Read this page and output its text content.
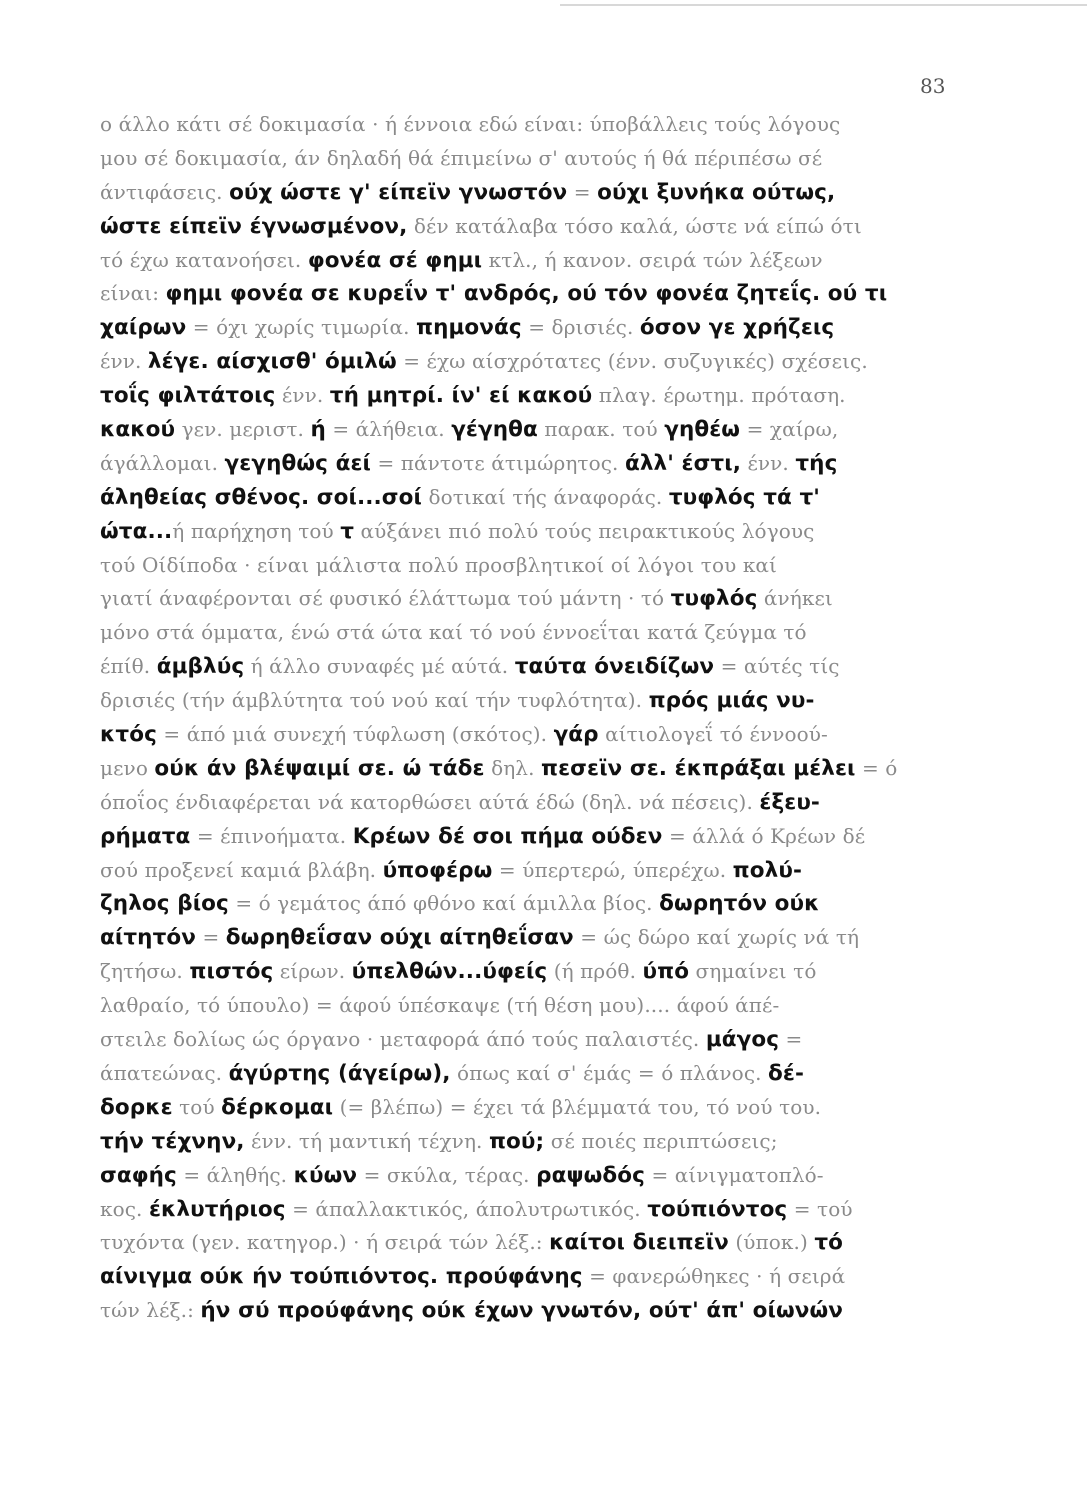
83
ο άλλο κάτι σέ δοκιμασία · ή έννοια εδώ είναι: ύποβάλλεις τούς λόγους
μου σέ δοκιμασία, άν δηλαδή θά έπιμείνω σ' αυτούς ή θά πέριπέσω σέ
άντιφάσεις. ούχ ώστε γ' είπεϊν γνωστόν = ούχι ξυνήκα ούτως,
ώστε είπεϊν έγνωσμένον, δέν κατάλαβα τόσο καλά, ώστε νά είπώ ότι
τό έχω κατανοήσει. φονέα σέ φημι κτλ., ή κανον. σειρά τών λέξεων
είναι: φημι φονέα σε κυρεΐν τ' ανδρός, ού τόν φονέα ζητεΐς. ού τι
χαίρων = όχι χωρίς τιμωρία. πημονάς = δρισιές. όσον γε χρήζεις
ένν. λέγε. αίσχισθ' όμιλώ = έχω αίσχρότατες (ένν. συζυγικές) σχέσεις.
τοΐς φιλτάτοις ένν. τή μητρί. ίν' εί κακού πλαγ. έρωτημ. πρόταση.
κακού γεν. μεριστ. ή = άλήθεια. γέγηθα παρακ. τού γηθέω = χαίρω,
άγάλλομαι. γεγηθώς άεί = πάντοτε άτιμώρητος. άλλ' έστι, ένν. τής
άληθείας σθένος. σοί...σοί δοτικαί τής άναφοράς. τυφλός τά τ'
ώτα...ή παρήχηση τού τ αύξάνει πιό πολύ τούς πειρακτικούς λόγους
τού Οίδίποδα · είναι μάλιστα πολύ προσβλητικοί οί λόγοι του καί
γιατί άναφέρονται σέ φυσικό έλάττωμα τού μάντη · τό τυφλός άνήκει
μόνο στά όμματα, ένώ στά ώτα καί τό νού έννοεΐται κατά ζεύγμα τό
έπίθ. άμβλύς ή άλλο συναφές μέ αύτά. ταύτα όνειδίζων = αύτές τίς
δρισιές (τήν άμβλύτητα τού νού καί τήν τυφλότητα). πρός μιάς νυ-
κτός = άπό μιά συνεχή τύφλωση (σκότος). γάρ αίτιολογεΐ τό έννοού-
μενο ούκ άν βλέψαιμί σε. ώ τάδε δηλ. πεσεϊν σε. έκπράξαι μέλει = ό
όποΐος ένδιαφέρεται νά κατορθώσει αύτά έδώ (δηλ. νά πέσεις). έξευ-
ρήματα = έπινοήματα. Κρέων δέ σοι πήμα ούδεν = άλλά ό Κρέων δέ
σού προξενεί καμιά βλάβη. ύποφέρω = ύπερτερώ, ύπερέχω. πολύ-
ζηλος βίος = ό γεμάτος άπό φθόνο καί άμιλλα βίος. δωρητόν ούκ
αίτητόν = δωρηθεΐσαν ούχι αίτηθεΐσαν = ώς δώρο καί χωρίς νά τή
ζητήσω. πιστός είρων. ύπελθών...ύφείς (ή πρόθ. ύπό σημαίνει τό
λαθραίο, τό ύπουλο) = άφού ύπέσκαψε (τή θέση μου).... άφού άπέ-
στειλε δολίως ώς όργανο · μεταφορά άπό τούς παλαιστές. μάγος =
άπατεώνας. άγύρτης (άγείρω), όπως καί σ' έμάς = ό πλάνος. δέ-
δορκε τού δέρκομαι (= βλέπω) = έχει τά βλέμματά του, τό νού του.
τήν τέχνην, ένν. τή μαντική τέχνη. πού; σέ ποιές περιπτώσεις;
σαφής = άληθής. κύων = σκύλα, τέρας. ραψωδός = αίνιγματοπλό-
κος. έκλυτήριος = άπαλλακτικός, άπολυτρωτικός. τούπιόντος = τού
τυχόντα (γεν. κατηγορ.) · ή σειρά τών λέξ.: καίτοι διειπεϊν (ύποκ.) τό
αίνιγμα ούκ ήν τούπιόντος. προύφάνης = φανερώθηκες · ή σειρά
τών λέξ.: ήν σύ προύφάνης ούκ έχων γνωτόν, ούτ' άπ' οίωνών
